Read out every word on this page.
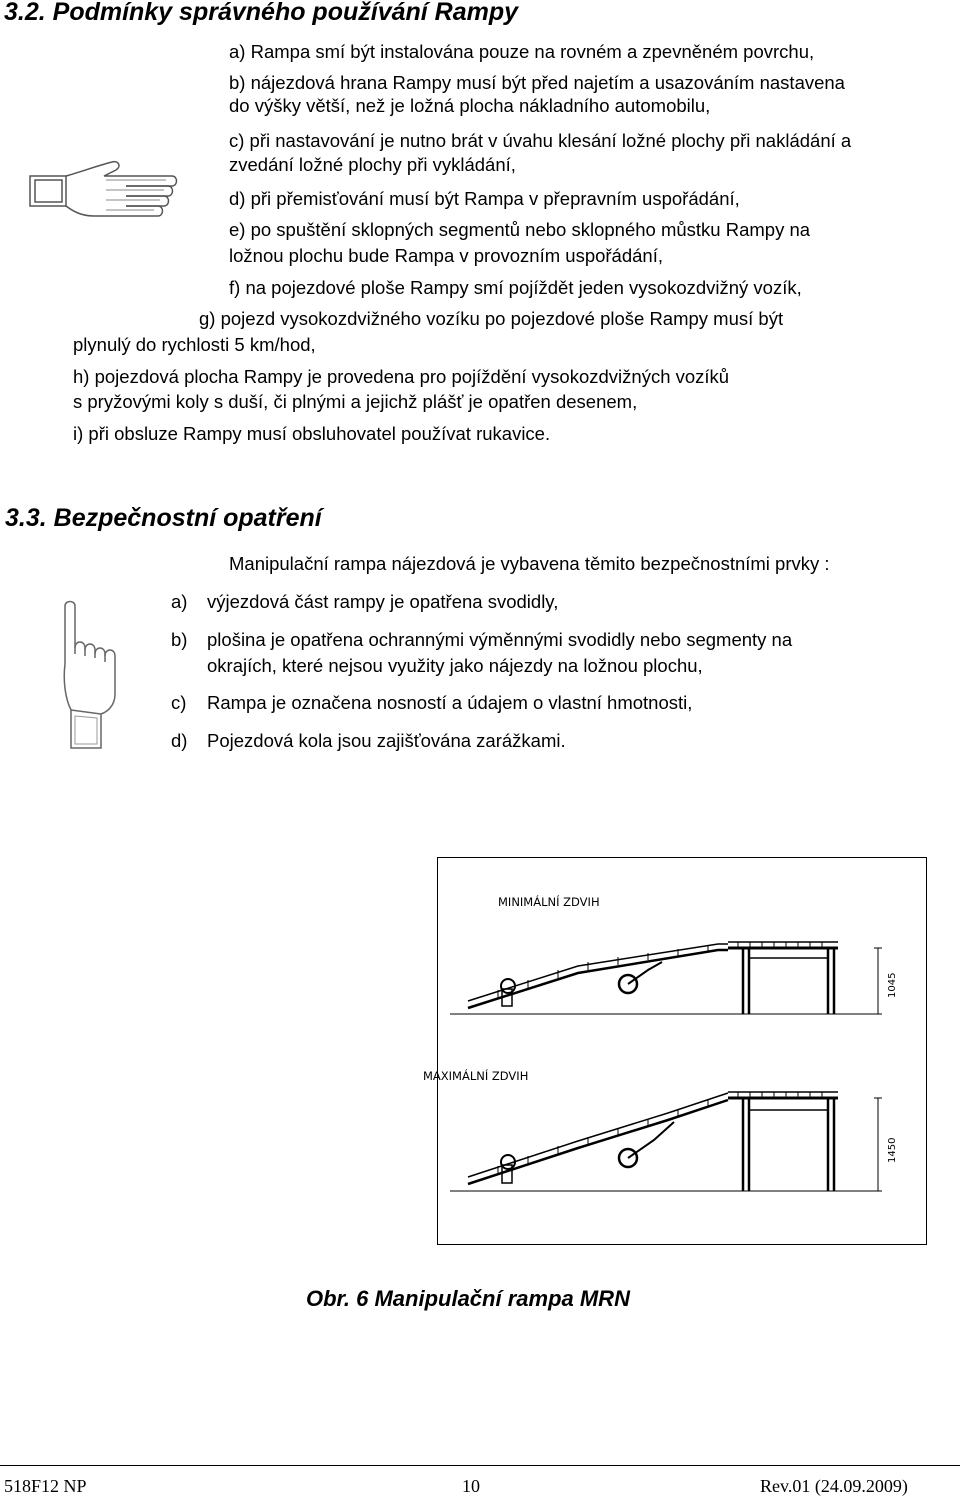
3.2. Podmínky správného používání Rampy
a) Rampa smí být instalována pouze na rovném a zpevněném povrchu,
b) nájezdová hrana Rampy musí být před najetím a usazováním nastavena
do výšky větší, než je ložná plocha nákladního automobilu,
c) při nastavování je nutno brát v úvahu klesání ložné plochy při nakládání a
zvedání ložné plochy při vykládání,
d) při přemisťování musí být Rampa v přepravním uspořádání,
e) po spuštění sklopných segmentů nebo sklopného můstku Rampy na
ložnou plochu bude Rampa v provozním uspořádání,
f) na pojezdové ploše Rampy smí pojíždět jeden vysokozdvižný vozík,
g) pojezd vysokozdvižného vozíku po pojezdové ploše Rampy musí být
plynulý do rychlosti 5 km/hod,
h) pojezdová plocha Rampy je provedena pro pojíždění vysokozdvižných vozíků
s pryžovými koly s duší, či plnými a jejichž plášť je opatřen desenem,
i) při obsluze Rampy musí obsluhovatel používat rukavice.
3.3. Bezpečnostní opatření
Manipulační rampa nájezdová je vybavena těmito bezpečnostními prvky :
a) výjezdová část rampy je opatřena svodidly,
b) plošina je opatřena ochrannými výměnnými svodidly nebo segmenty na
okrajích, které nejsou využity jako nájezdy na ložnou plochu,
c) Rampa je označena nosností a údajem o vlastní hmotnosti,
d) Pojezdová kola jsou zajišťována zarážkami.
MINIMÁLNÍ ZDVIH
1045
MAXIMÁLNÍ ZDVIH
1450
Obr. 6 Manipulační rampa MRN
518F12 NP	10	Rev.01 (24.09.2009)
